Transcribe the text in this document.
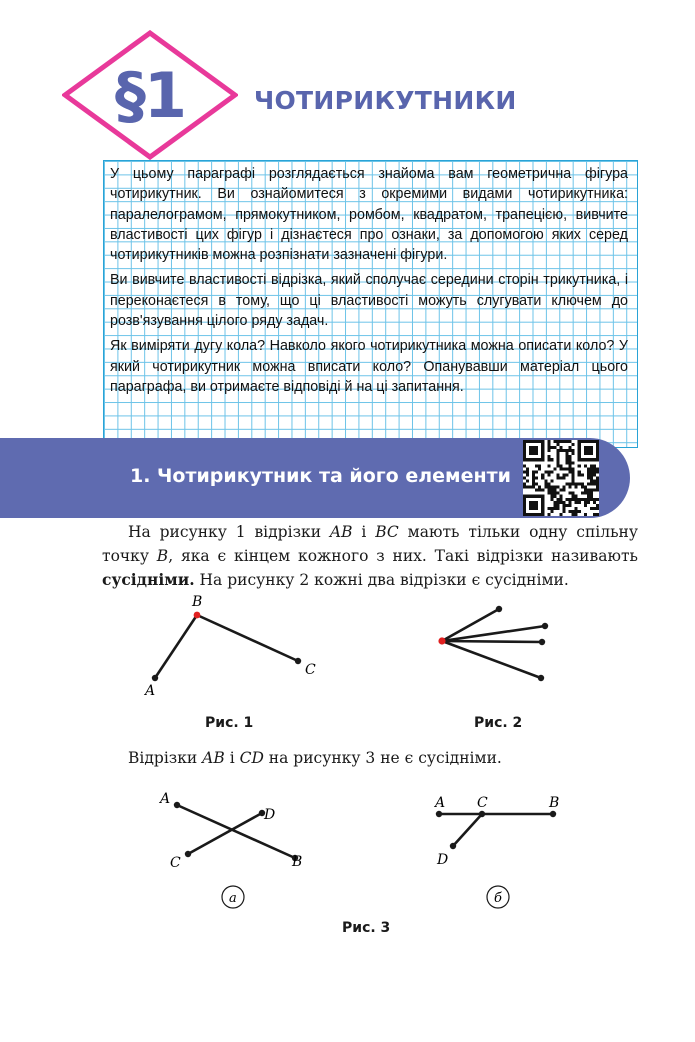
§1	ЧОТИРИКУТНИКИ

У цьому параграфі розглядається знайома вам геометрична фігура чотирикутник. Ви ознайомитеся з окремими видами чотирикутника: паралелограмом, прямокутником, ромбом, квадратом, трапецією, вивчите властивості цих фігур і дізнаєтеся про ознаки, за допомогою яких серед чотирикутників можна розпізнати зазначені фігури.

Ви вивчите властивості відрізка, який сполучає середини сторін трикутника, і переконаєтеся в тому, що ці властивості можуть слугувати ключем до розв'язування цілого ряду задач.

Як виміряти дугу кола? Навколо якого чотирикутника можна описати коло? У який чотирикутник можна вписати коло? Опанувавши матеріал цього параграфа, ви отримаєте відповіді й на ці запитання.

1. Чотирикутник та його елементи
На рисунку 1 відрізки AB і BC мають тільки одну спільну точку B, яка є кінцем кожного з них. Такі відрізки називають сусідніми. На рисунку 2 кожні два відрізки є сусідніми.
A
B
C
Рис. 1	Рис. 2
Відрізки AB і CD на рисунку 3 не є сусідніми.
A
B
C
D
а
A C	B
D
б
Рис. 3
